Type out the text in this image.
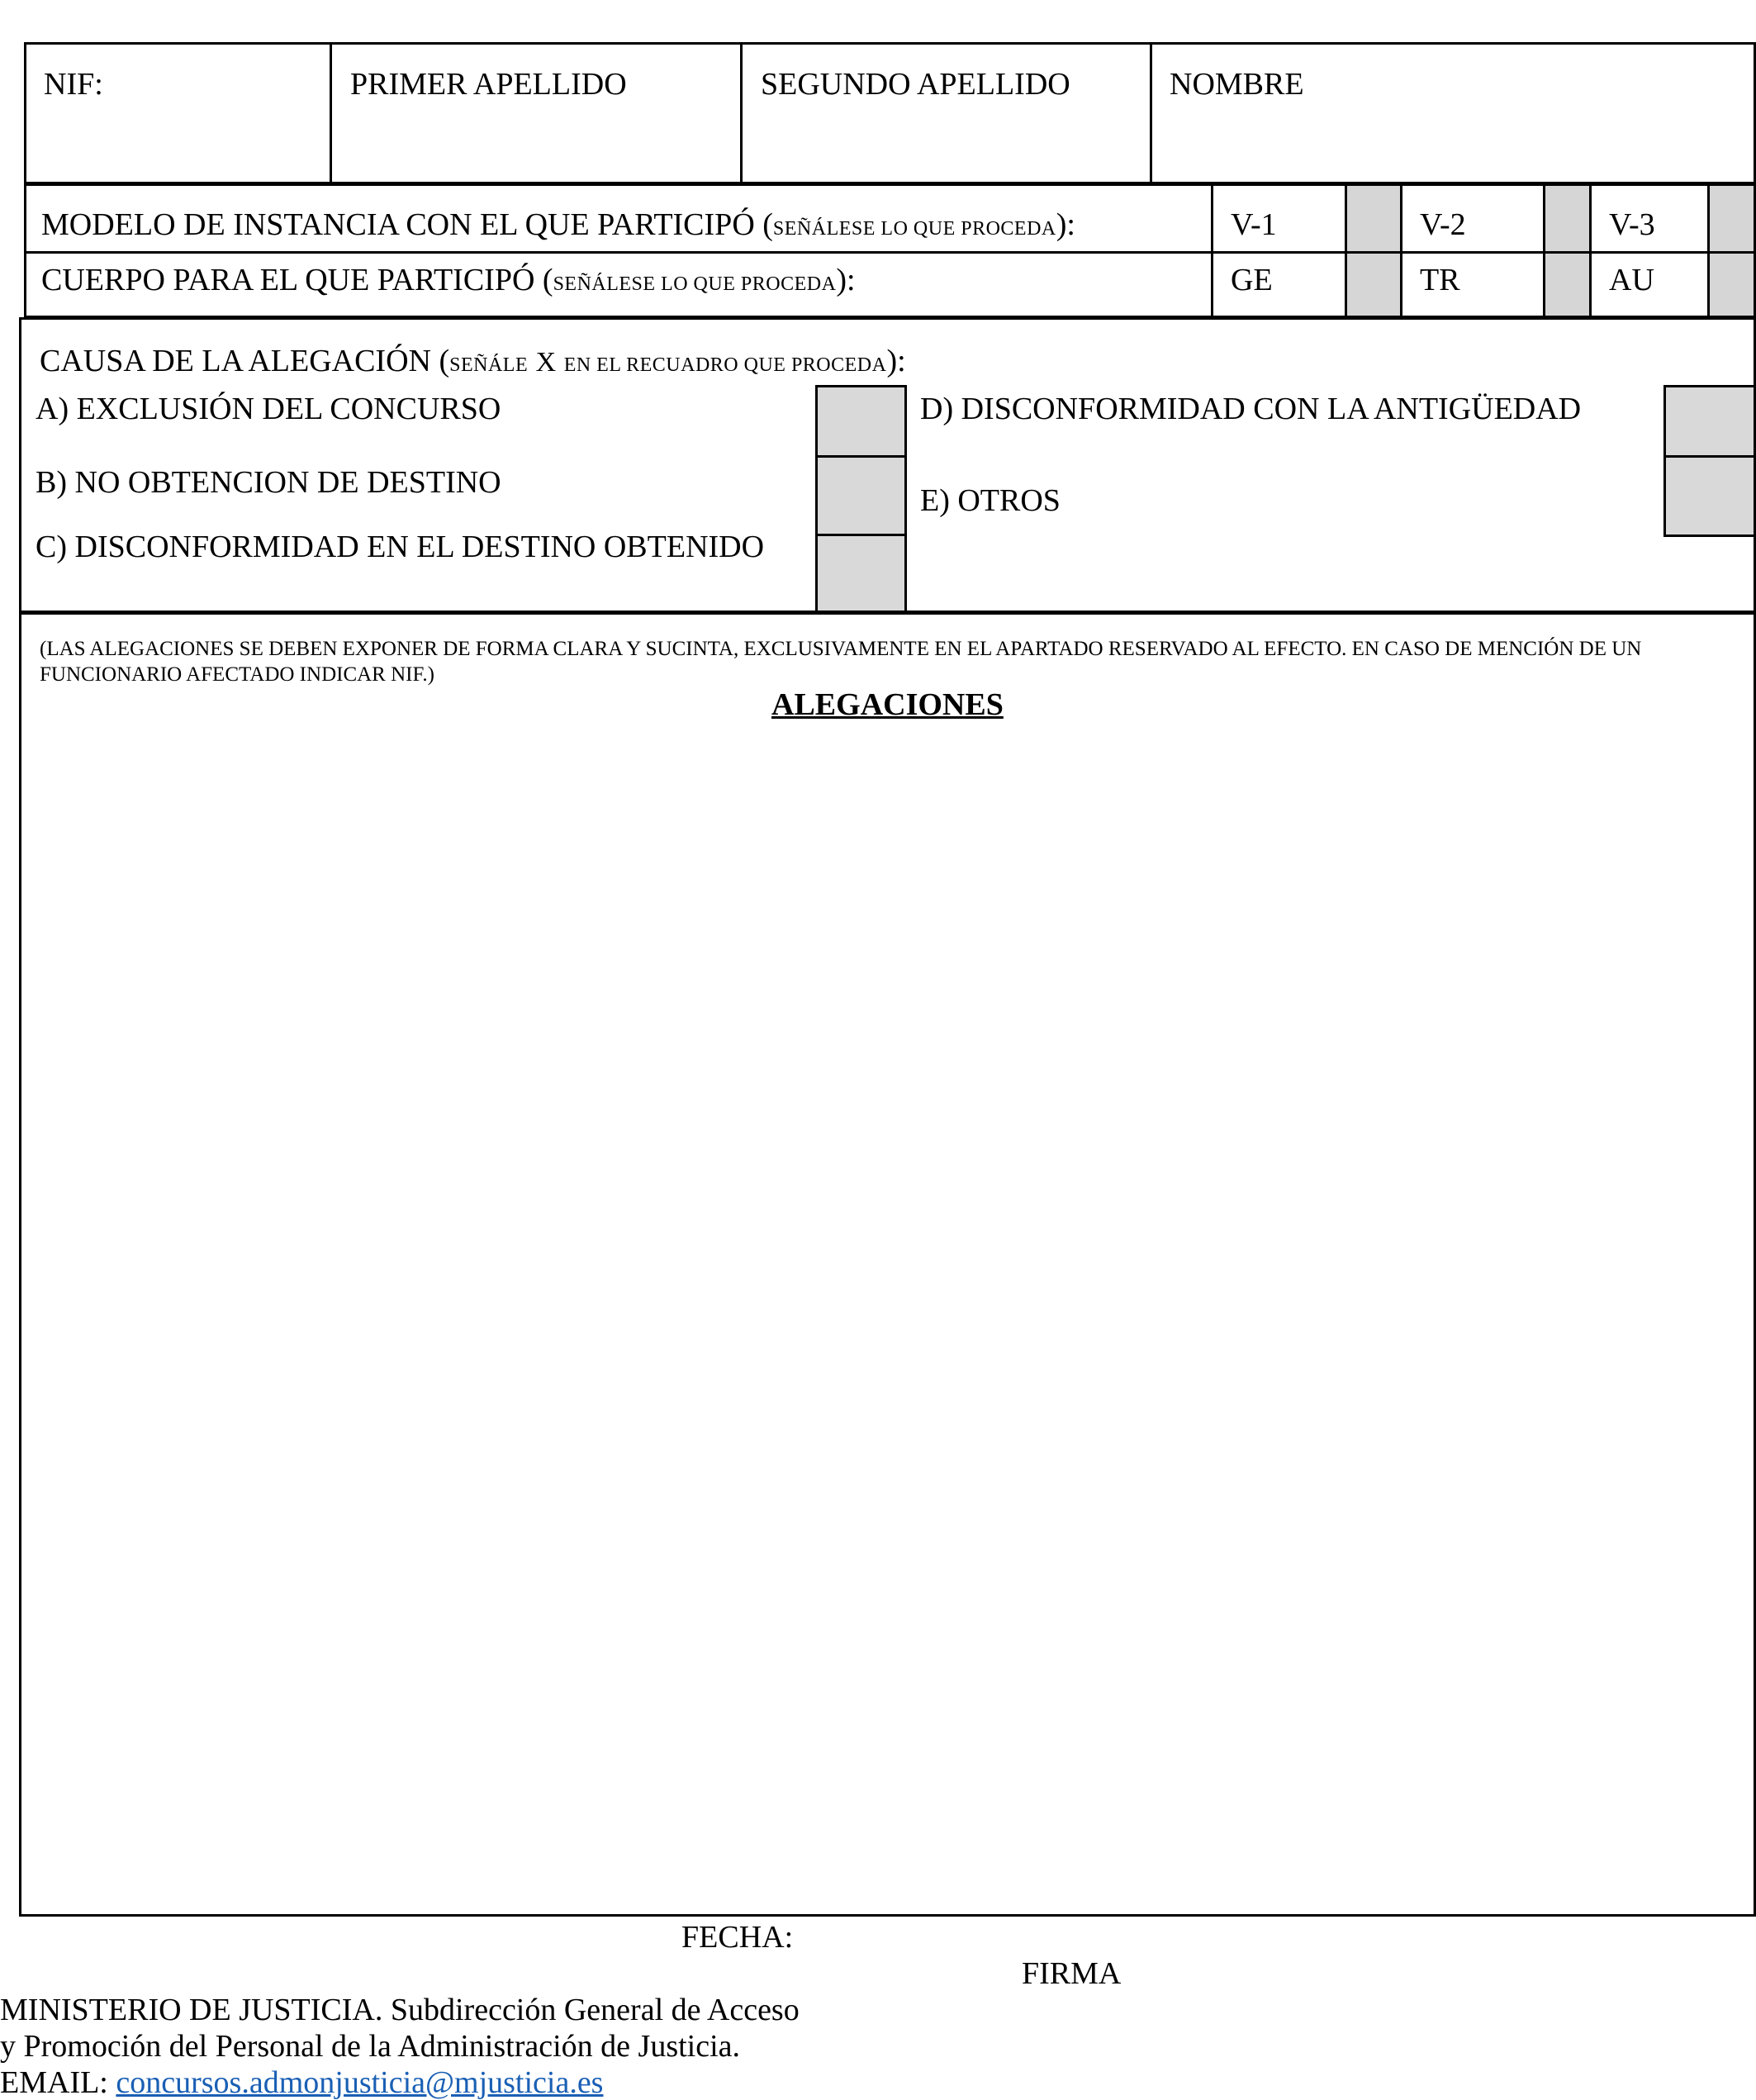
NIF:	PRIMER APELLIDO	SEGUNDO APELLIDO	NOMBRE
MODELO DE INSTANCIA CON EL QUE PARTICIPÓ (SEÑÁLESE LO QUE PROCEDA):	V-1	V-2	V-3
CUERPO PARA EL QUE PARTICIPÓ (SEÑÁLESE LO QUE PROCEDA):	GE	TR	AU
CAUSA DE LA ALEGACIÓN (SEÑÁLE X EN EL RECUADRO QUE PROCEDA):
A) EXCLUSIÓN DEL CONCURSO
B) NO OBTENCION DE DESTINO
C) DISCONFORMIDAD EN EL DESTINO OBTENIDO
D) DISCONFORMIDAD CON LA ANTIGÜEDAD
E) OTROS
(LAS ALEGACIONES SE DEBEN EXPONER DE FORMA CLARA Y SUCINTA, EXCLUSIVAMENTE EN EL APARTADO RESERVADO AL EFECTO. EN CASO DE MENCIÓN DE UN FUNCIONARIO AFECTADO INDICAR NIF.)
ALEGACIONES
FECHA:
FIRMA
MINISTERIO DE JUSTICIA. Subdirección General de Acceso
y Promoción del Personal de la Administración de Justicia.
EMAIL: concursos.admonjusticia@mjusticia.es
